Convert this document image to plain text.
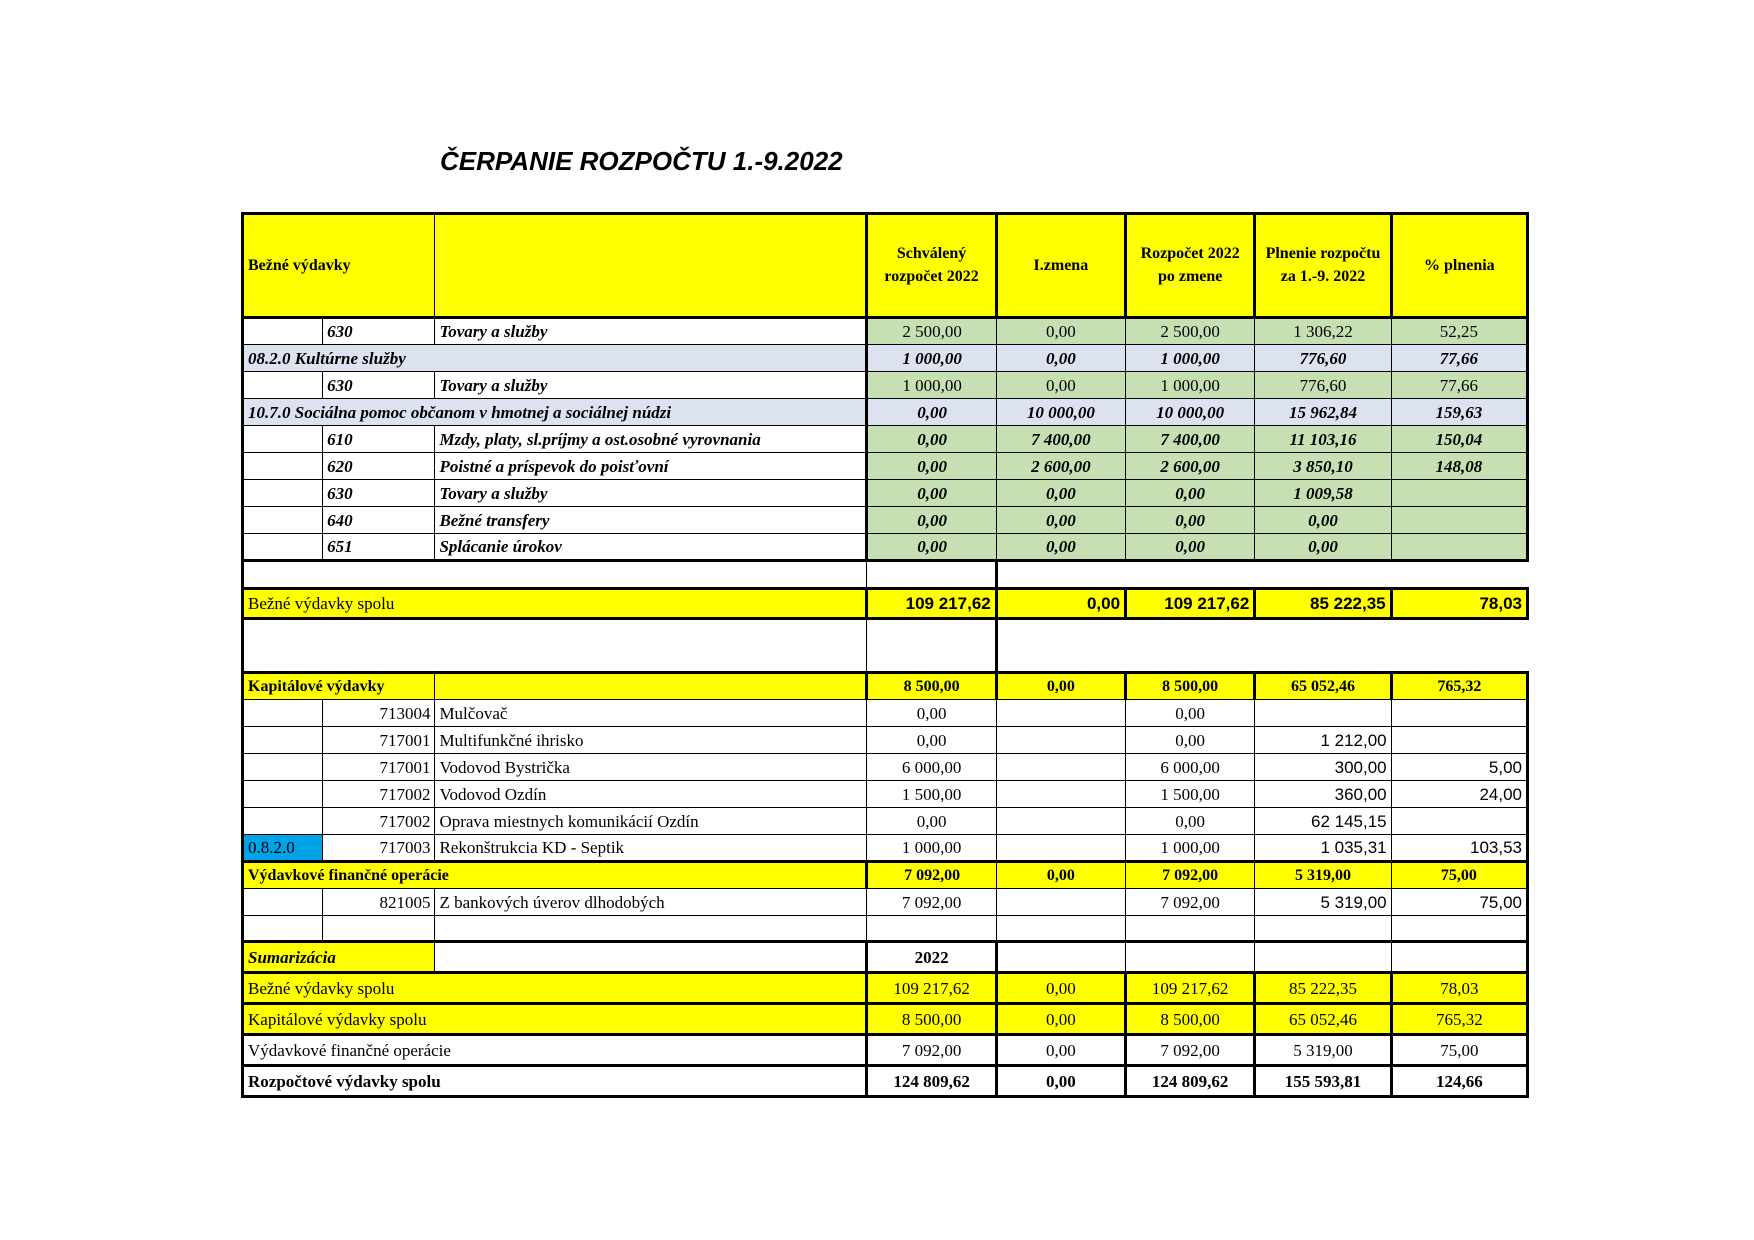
ČERPANIE ROZPOČTU 1.-9.2022
Bežné výdavky			Schválený rozpočet 2022	I.zmena	Rozpočet 2022 po zmene	Plnenie rozpočtu za 1.-9. 2022	% plnenia
	630	Tovary a služby	2 500,00	0,00	2 500,00	1 306,22	52,25
08.2.0 Kultúrne služby			1 000,00	0,00	1 000,00	776,60	77,66
	630	Tovary a služby	1 000,00	0,00	1 000,00	776,60	77,66
10.7.0 Sociálna pomoc občanom v hmotnej a sociálnej núdzi			0,00	10 000,00	10 000,00	15 962,84	159,63
	610	Mzdy, platy, sl.príjmy a ost.osobné vyrovnania	0,00	7 400,00	7 400,00	11 103,16	150,04
	620	Poistné a príspevok do poisťovní	0,00	2 600,00	2 600,00	3 850,10	148,08
	630	Tovary a služby	0,00	0,00	0,00	1 009,58	
	640	Bežné transfery	0,00	0,00	0,00	0,00	
	651	Splácanie úrokov	0,00	0,00	0,00	0,00	

Bežné výdavky spolu			109 217,62	0,00	109 217,62	85 222,35	78,03

Kapitálové výdavky			8 500,00	0,00	8 500,00	65 052,46	765,32
	713004	Mulčovač	0,00		0,00		
	717001	Multifunkčné ihrisko	0,00		0,00	1 212,00	
	717001	Vodovod Bystrička	6 000,00		6 000,00	300,00	5,00
	717002	Vodovod Ozdín	1 500,00		1 500,00	360,00	24,00
	717002	Oprava miestnych komunikácií Ozdín	0,00		0,00	62 145,15	
0.8.2.0	717003	Rekonštrukcia KD - Septik	1 000,00		1 000,00	1 035,31	103,53
Výdavkové finančné operácie			7 092,00	0,00	7 092,00	5 319,00	75,00
	821005	Z bankových úverov dlhodobých	7 092,00		7 092,00	5 319,00	75,00

Sumarizácia			2022				
Bežné výdavky spolu			109 217,62	0,00	109 217,62	85 222,35	78,03
Kapitálové výdavky spolu			8 500,00	0,00	8 500,00	65 052,46	765,32
Výdavkové finančné operácie			7 092,00	0,00	7 092,00	5 319,00	75,00
Rozpočtové výdavky spolu			124 809,62	0,00	124 809,62	155 593,81	124,66
